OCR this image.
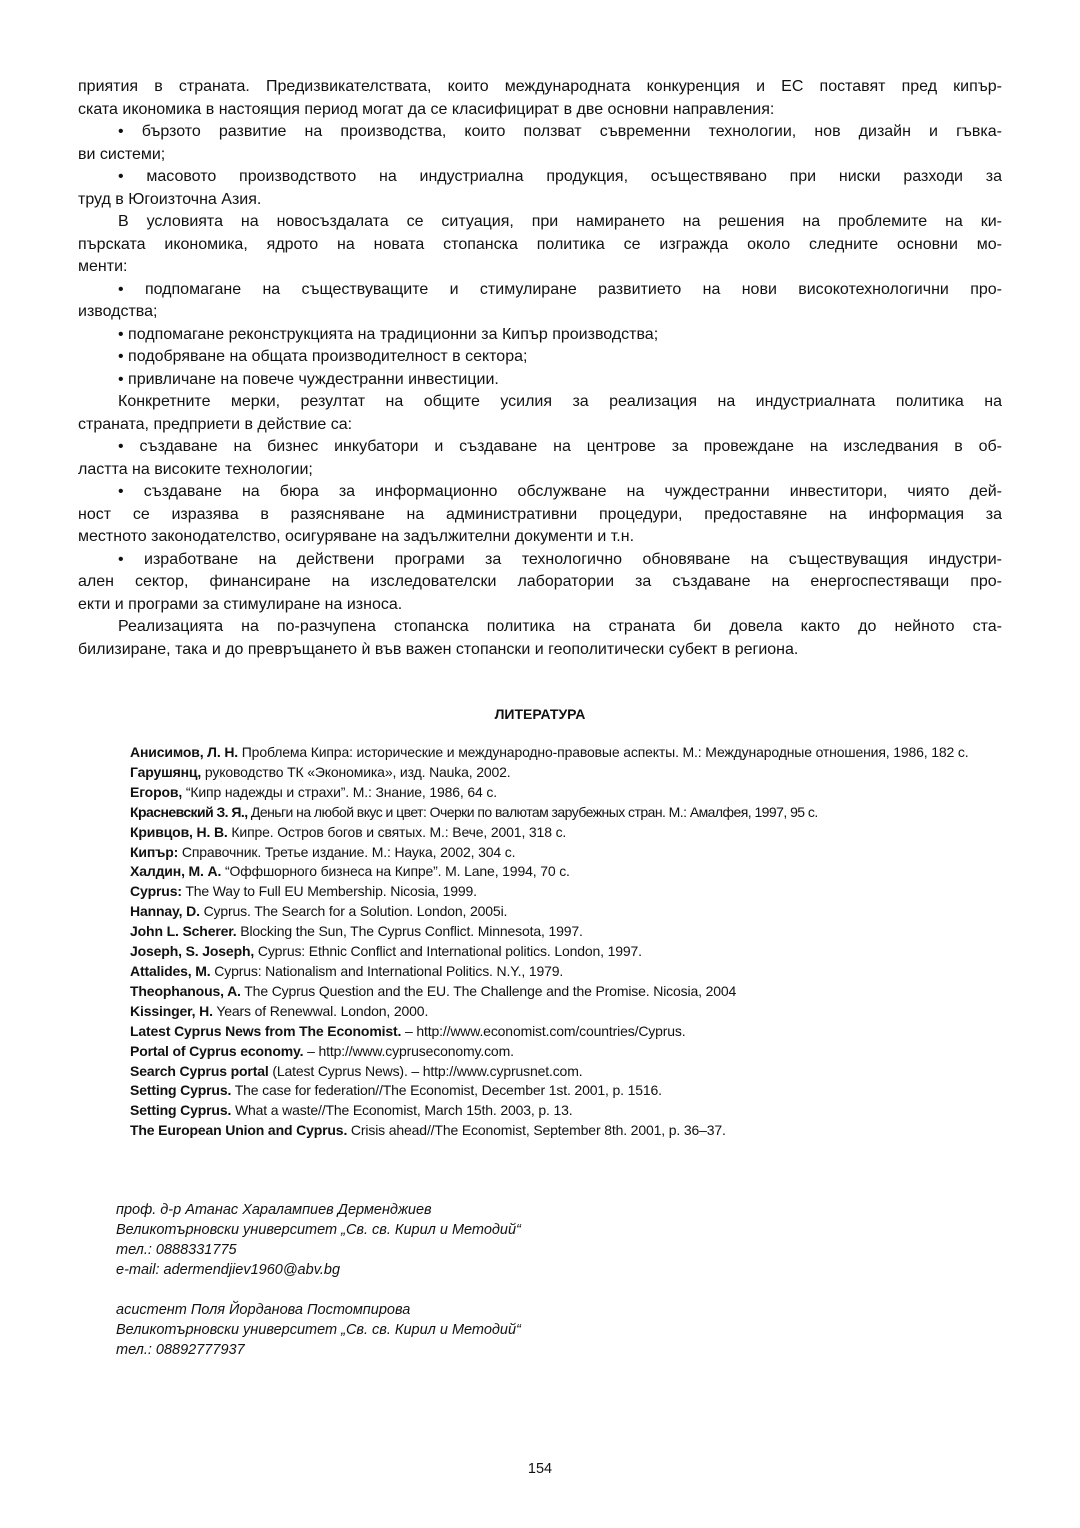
приятия в страната. Предизвикателствата, които международната конкуренция и ЕС поставят пред кипър-
ската икономика в настоящия период могат да се класифицират в две основни направления:
• бързото развитие на производства, които ползват съвременни технологии, нов дизайн и гъвка-
ви системи;
• масовото производството на индустриална продукция, осъществявано при ниски разходи за
труд в Югоизточна Азия.
В условията на новосъздалата се ситуация, при намирането на решения на проблемите на ки-
пърската икономика, ядрото на новата стопанска политика се изгражда около следните основни мо-
менти:
• подпомагане на съществуващите и стимулиране развитието на нови високотехнологични про-
изводства;
• подпомагане реконструкцията на традиционни за Кипър производства;
• подобряване на общата производителност в сектора;
• привличане на повече чуждестранни инвестиции.
Конкретните мерки, резултат на общите усилия за реализация на индустриалната политика на
страната, предприети в действие са:
• създаване на бизнес инкубатори и създаване на центрове за провеждане на изследвания в об-
ластта на високите технологии;
• създаване на бюра за информационно обслужване на чуждестранни инвеститори, чиято дей-
ност се изразява в разясняване на административни процедури, предоставяне на информация за
местното законодателство, осигуряване на задължителни документи и т.н.
• изработване на действени програми за технологично обновяване на съществуващия индустри-
ален сектор, финансиране на изследователски лаборатории за създаване на енергоспестяващи про-
екти и програми за стимулиране на износа.
Реализацията на по-разчупена стопанска политика на страната би довела както до нейното ста-
билизиране, така и до превръщането ѝ във важен стопански и геополитически субект в региона.
ЛИТЕРАТУРА
Анисимов, Л. Н. Проблема Кипра: исторические и международно-правовые аспекты. М.: Международные отношения, 1986, 182 с.
Гарушянц, руководство ТК «Экономика», изд. Nauka, 2002.
Егоров, “Кипр надежды и страхи”. М.: Знание, 1986, 64 с.
Красневский З. Я., Деньги на любой вкус и цвет: Очерки по валютам зарубежных стран. М.: Амалфея, 1997, 95 с.
Кривцов, Н. В. Кипре. Остров богов и святых. М.: Вече, 2001, 318 с.
Кипър: Справочник. Третье издание. М.: Наука, 2002, 304 с.
Халдин, М. А. “Оффшорного бизнеса на Кипре”. M. Lane, 1994, 70 с.
Cyprus: The Way to Full EU Membership. Nicosia, 1999.
Hannay, D. Cyprus. The Search for a Solution. London, 2005i.
John L. Scherer. Blocking the Sun, The Cyprus Conflict. Minnesota, 1997.
Joseph, S. Joseph, Cyprus: Ethnic Conflict and International politics. London, 1997.
Attalides, M. Cyprus: Nationalism and International Politics. N.Y., 1979.
Theophanous, A. The Cyprus Question and the EU. The Challenge and the Promise. Nicosia, 2004
Kissinger, H. Years of Renewwal. London, 2000.
Latest Cyprus News from The Economist. – http://www.economist.com/countries/Cyprus.
Portal of Cyprus economy. – http://www.cypruseconomy.com.
Search Cyprus portal (Latest Cyprus News). – http://www.cyprusnet.com.
Setting Cyprus. The case for federation//The Economist, December 1st. 2001, p. 1516.
Setting Cyprus. What a waste//The Economist, March 15th. 2003, p. 13.
The European Union and Cyprus. Crisis ahead//The Economist, September 8th. 2001, p. 36–37.
проф. д-р Атанас Харалампиев Дерменджиев
Великотърновски университет „Св. св. Кирил и Методий“
тел.: 0888331775
e-mail: adermendjiev1960@abv.bg
асистент Поля Йорданова Постомпирова
Великотърновски университет „Св. св. Кирил и Методий“
тел.: 08892777937
154
